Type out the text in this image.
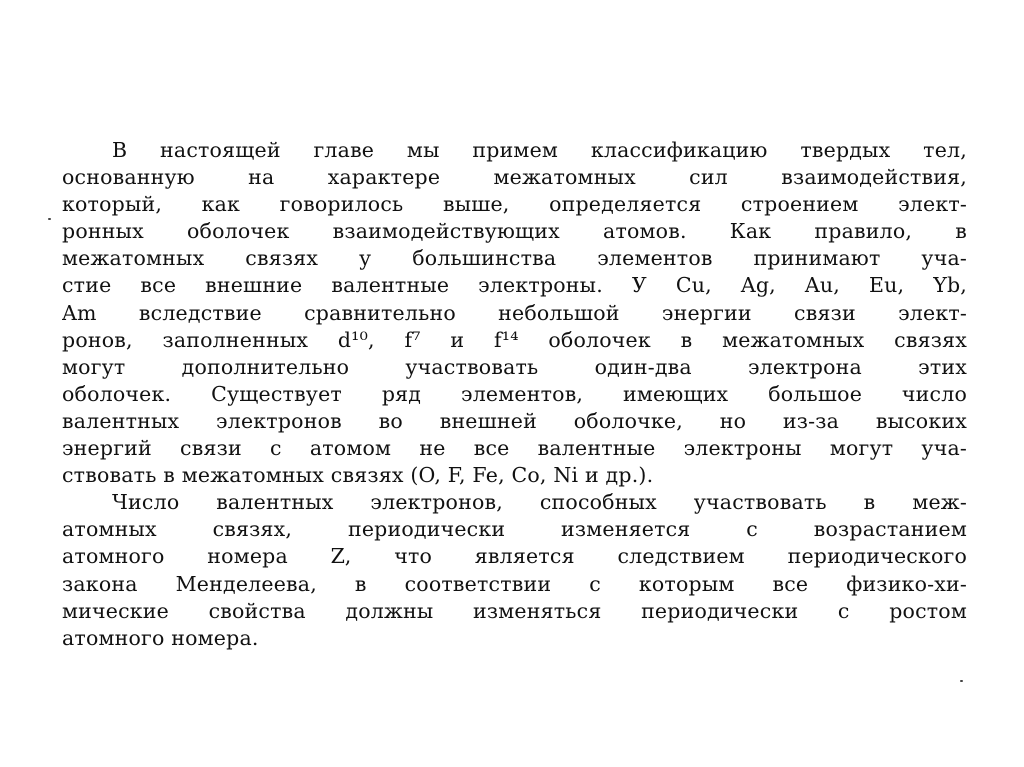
В настоящей главе мы примем классификацию твердых тел,
основанную на характере межатомных сил взаимодействия,
который, как говорилось выше, определяется строением элект-
ронных оболочек взаимодействующих атомов. Как правило, в
межатомных связях у большинства элементов принимают уча-
стие все внешние валентные электроны. У Cu, Ag, Au, Eu, Yb,
Am вследствие сравнительно небольшой энергии связи элект-
ронов, заполненных d¹⁰, f⁷ и f¹⁴ оболочек в межатомных связях
могут дополнительно участвовать один-два электрона этих
оболочек. Существует ряд элементов, имеющих большое число
валентных электронов во внешней оболочке, но из-за высоких
энергий связи с атомом не все валентные электроны могут уча-
ствовать в межатомных связях (O, F, Fe, Co, Ni и др.).
Число валентных электронов, способных участвовать в меж-
атомных связях, периодически изменяется с возрастанием
атомного номера Z, что является следствием периодического
закона Менделеева, в соответствии с которым все физико-хи-
мические свойства должны изменяться периодически с ростом
атомного номера.
